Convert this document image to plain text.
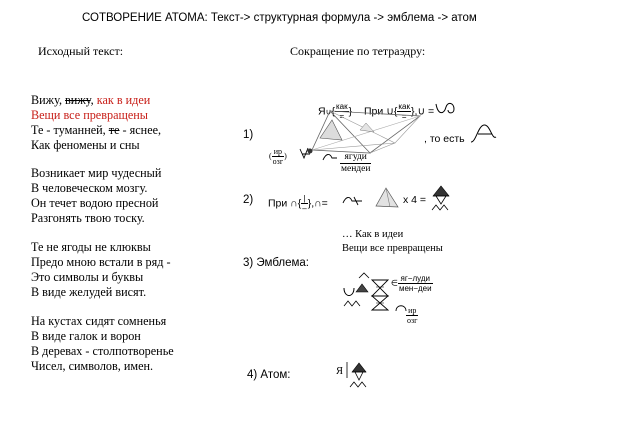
СОТВОРЕНИЕ АТОМА: Текст-> структурная формула -> эмблема -> атом
Исходный текст:	Сокращение по тетраэдру:
Вижу, вижу, как в идеи
Вещи все превращены
Те - туманней, те - яснее,
Как феномены и сны
Возникает мир чудесный
В человеческом мозгу.
Он течет водою пресной
Разгонять твою тоску.
Те не ягоды не клюквы
Предо мною встали в ряд -
Это символы и буквы
В виде желудей висят.
На кустах сидят сомненья
В виде галок и ворон
В деревах - столпотворенье
Чисел, символов, имен.
1)
Я∪{ $\frac{\text{как}}{=}$ } При ∪{ $\frac{\text{как}}{=}$ },∪ =
, то есть
( $\frac{ир}{\text{озг}}$ )	$\frac{\text{ягуди}}{\text{мендеи}}$
2) При ∩{ $\frac{|}{-}$ },∩=	x 4 =
… Как в идеи
Вещи все превращены
3) Эмблема:
∈ $\frac{\text{яг−луди}}{\text{мен−деи}}$
$\frac{ир}{\text{озг}}$
4) Атом:	Я
